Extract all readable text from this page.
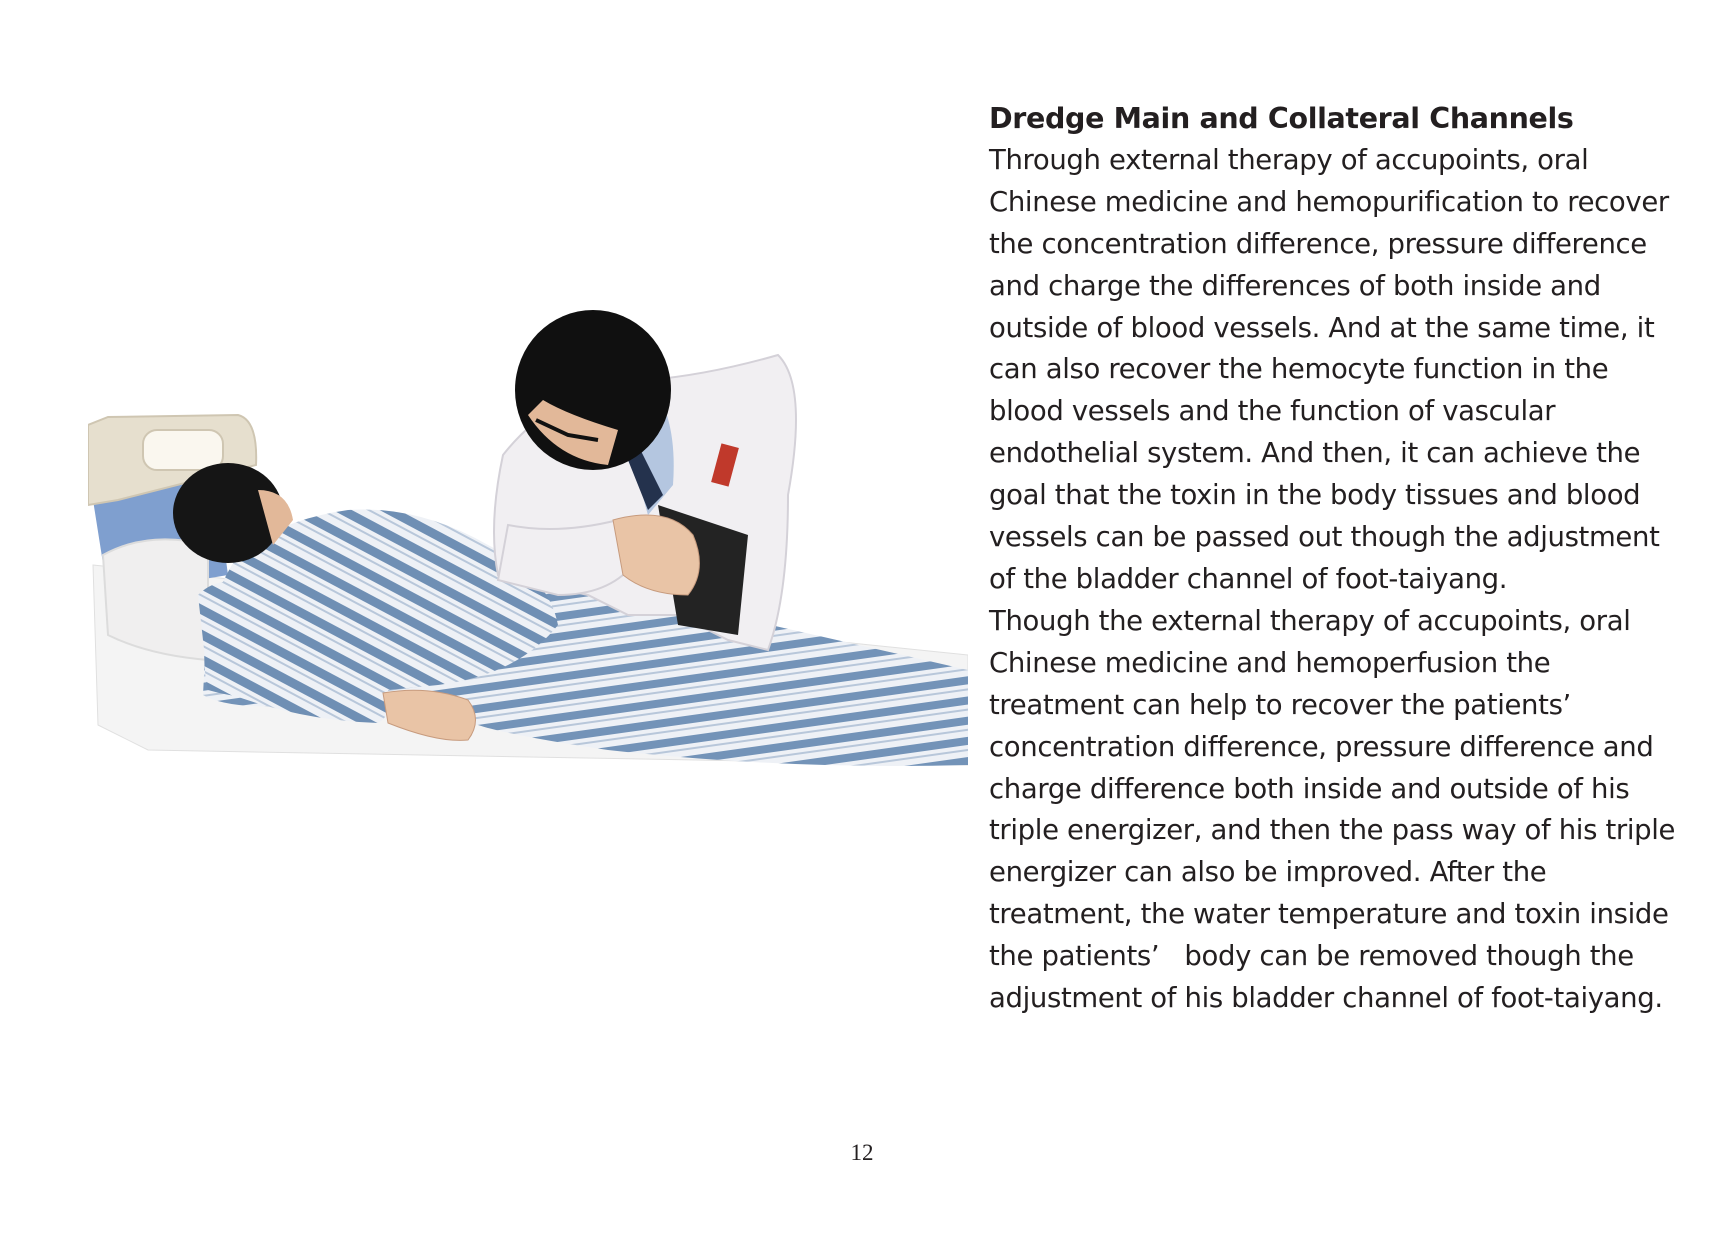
Dredge Main and Collateral Channels

Through external therapy of accupoints, oral Chinese medicine and hemopurification to recover the concentration difference, pressure difference and charge the differences of both inside and outside of blood vessels. And at the same time, it can also recover the hemocyte function in the blood vessels and the function of vascular endothelial system. And then, it can achieve the goal that the toxin in the body tissues and blood vessels can be passed out though the adjustment of the bladder channel of foot-taiyang.

Though the external therapy of accupoints, oral Chinese medicine and hemoperfusion the treatment can help to recover the patients’ concentration difference, pressure difference and charge difference both inside and outside of his triple energizer, and then the pass way of his triple energizer can also be improved. After the treatment, the water temperature and toxin inside the patients’   body can be removed though the adjustment of his bladder channel of foot-taiyang.

12
